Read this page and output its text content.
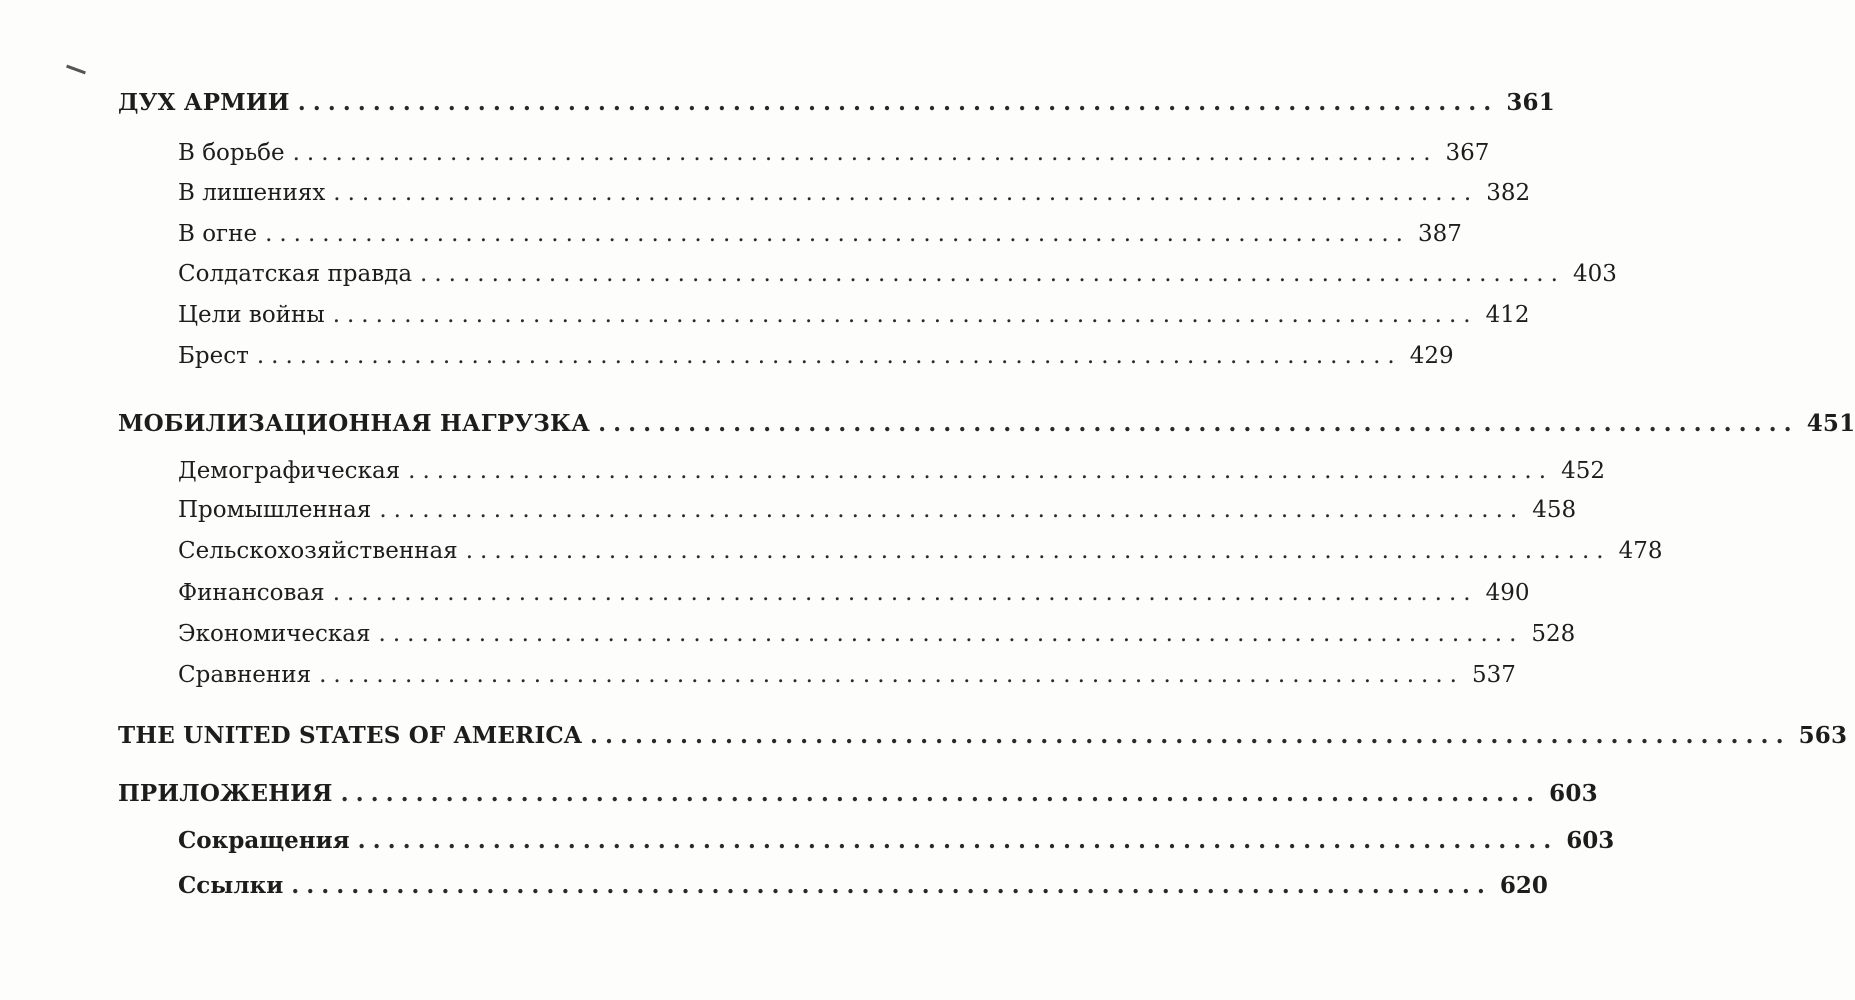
ДУХ АРМИИ ................................................................................ 361
В борьбе ................................................................................ 367
В лишениях ................................................................................ 382
В огне ................................................................................ 387
Солдатская правда ................................................................................ 403
Цели войны ................................................................................ 412
Брест ................................................................................ 429
МОБИЛИЗАЦИОННАЯ НАГРУЗКА ................................................................................ 451
Демографическая ................................................................................ 452
Промышленная ................................................................................ 458
Сельскохозяйственная ................................................................................ 478
Финансовая ................................................................................ 490
Экономическая ................................................................................ 528
Сравнения ................................................................................ 537
THE UNITED STATES OF AMERICA ................................................................................ 563
ПРИЛОЖЕНИЯ ................................................................................ 603
Сокращения ................................................................................ 603
Ссылки ................................................................................ 620
